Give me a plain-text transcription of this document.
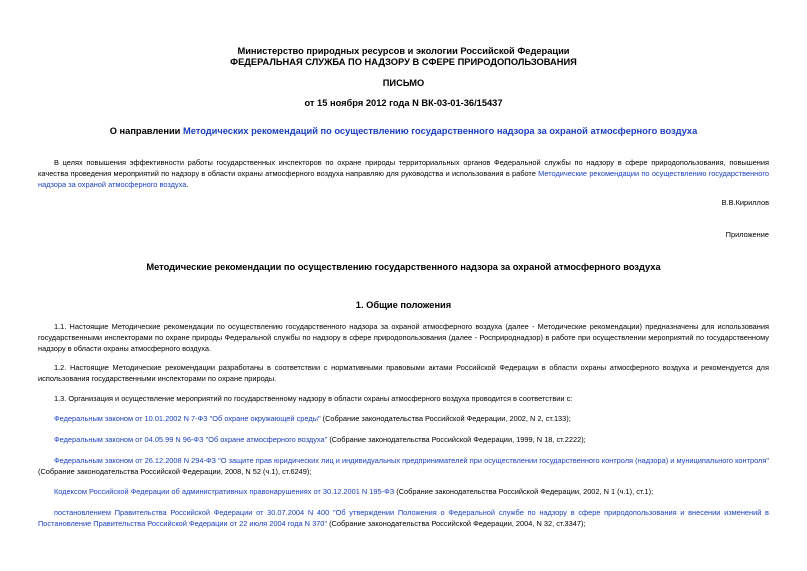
Министерство природных ресурсов и экологии Российской Федерации
ФЕДЕРАЛЬНАЯ СЛУЖБА ПО НАДЗОРУ В СФЕРЕ ПРИРОДОПОЛЬЗОВАНИЯ
ПИСЬМО
от 15 ноября 2012 года N ВК-03-01-36/15437
О направлении Методических рекомендаций по осуществлению государственного надзора за охраной атмосферного воздуха
В целях повышения эффективности работы государственных инспекторов по охране природы территориальных органов Федеральной службы по надзору в сфере природопользования, повышения качества проведения мероприятий по надзору в области охраны атмосферного воздуха направляю для руководства и использования в работе Методические рекомендации по осуществлению государственного надзора за охраной атмосферного воздуха.
В.В.Кириллов
Приложение
Методические рекомендации по осуществлению государственного надзора за охраной атмосферного воздуха
1. Общие положения
1.1. Настоящие Методические рекомендации по осуществлению государственного надзора за охраной атмосферного воздуха (далее - Методические рекомендации) предназначены для использования государственными инспекторами по охране природы Федеральной службы по надзору в сфере природопользования (далее - Росприроднадзор) в работе при осуществлении мероприятий по государственному надзору в области охраны атмосферного воздуха.
1.2. Настоящие Методические рекомендации разработаны в соответствии с нормативными правовыми актами Российской Федерации в области охраны атмосферного воздуха и рекомендуется для использования государственными инспекторами по охране природы.
1.3. Организация и осуществление мероприятий по государственному надзору в области охраны атмосферного воздуха проводится в соответствии с:
Федеральным законом от 10.01.2002 N 7-ФЗ "Об охране окружающей среды" (Собрание законодательства Российской Федерации, 2002, N 2, ст.133);
Федеральным законом от 04.05.99 N 96-ФЗ "Об охране атмосферного воздуха" (Собрание законодательства Российской Федерации, 1999, N 18, ст.2222);
Федеральным законом от 26.12.2008 N 294-ФЗ "О защите прав юридических лиц и индивидуальных предпринимателей при осуществлении государственного контроля (надзора) и муниципального контроля" (Собрание законодательства Российской Федерации, 2008, N 52 (ч.1), ст.6249);
Кодексом Российской Федерации об административных правонарушениях от 30.12.2001 N 195-ФЗ (Собрание законодательства Российской Федерации, 2002, N 1 (ч.1), ст.1);
постановлением Правительства Российской Федерации от 30.07.2004 N 400 "Об утверждении Положения о Федеральной службе по надзору в сфере природопользования и внесении изменений в Постановление Правительства Российской Федерации от 22 июля 2004 года N 370" (Собрание законодательства Российской Федерации, 2004, N 32, ст.3347);
